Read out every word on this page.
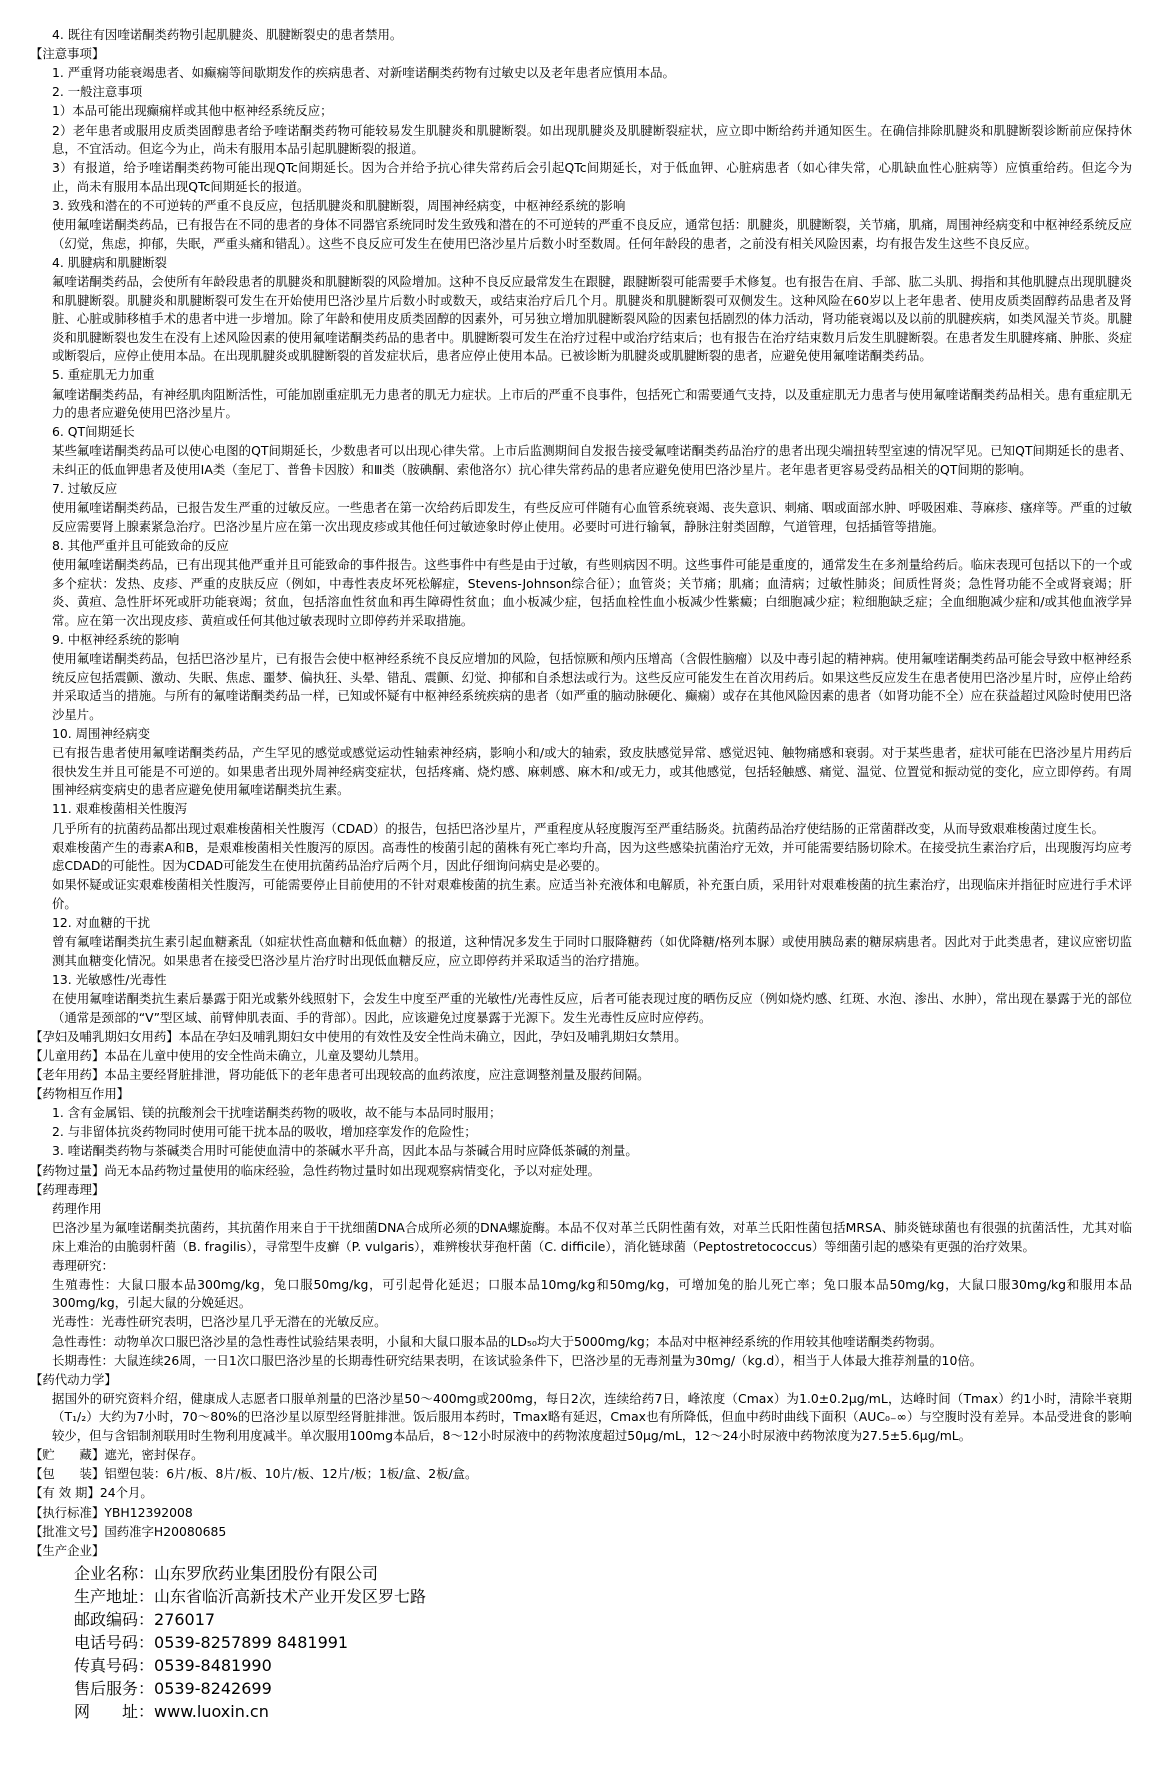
4. 既往有因喹诺酮类药物引起肌腱炎、肌腱断裂史的患者禁用。

【注意事项】

1. 严重肾功能衰竭患者、如癫痫等间歇期发作的疾病患者、对新喹诺酮类药物有过敏史以及老年患者应慎用本品。

2. 一般注意事项

1）本品可能出现癫痫样或其他中枢神经系统反应；

2）老年患者或服用皮质类固醇患者给予喹诺酮类药物可能较易发生肌腱炎和肌腱断裂。如出现肌腱炎及肌腱断裂症状，应立即中断给药并通知医生。在确信排除肌腱炎和肌腱断裂诊断前应保持休息，不宜活动。但迄今为止，尚未有服用本品引起肌腱断裂的报道。

3）有报道，给予喹诺酮类药物可能出现QTc间期延长。因为合并给予抗心律失常药后会引起QTc间期延长，对于低血钾、心脏病患者（如心律失常，心肌缺血性心脏病等）应慎重给药。但迄今为止，尚未有服用本品出现QTc间期延长的报道。

3. 致残和潜在的不可逆转的严重不良反应，包括肌腱炎和肌腱断裂，周围神经病变，中枢神经系统的影响

使用氟喹诺酮类药品，已有报告在不同的患者的身体不同器官系统同时发生致残和潜在的不可逆转的严重不良反应，通常包括：肌腱炎，肌腱断裂，关节痛，肌痛，周围神经病变和中枢神经系统反应（幻觉，焦虑，抑郁，失眠，严重头痛和错乱）。这些不良反应可发生在使用巴洛沙星片后数小时至数周。任何年龄段的患者，之前没有相关风险因素，均有报告发生这些不良反应。

4. 肌腱病和肌腱断裂

氟喹诺酮类药品，会使所有年龄段患者的肌腱炎和肌腱断裂的风险增加。这种不良反应最常发生在跟腱，跟腱断裂可能需要手术修复。也有报告在肩、手部、肱二头肌、拇指和其他肌腱点出现肌腱炎和肌腱断裂。肌腱炎和肌腱断裂可发生在开始使用巴洛沙星片后数小时或数天，或结束治疗后几个月。肌腱炎和肌腱断裂可双侧发生。这种风险在60岁以上老年患者、使用皮质类固醇药品患者及肾脏、心脏或肺移植手术的患者中进一步增加。除了年龄和使用皮质类固醇的因素外，可另独立增加肌腱断裂风险的因素包括剧烈的体力活动，肾功能衰竭以及以前的肌腱疾病，如类风湿关节炎。肌腱炎和肌腱断裂也发生在没有上述风险因素的使用氟喹诺酮类药品的患者中。肌腱断裂可发生在治疗过程中或治疗结束后；也有报告在治疗结束数月后发生肌腱断裂。在患者发生肌腱疼痛、肿胀、炎症或断裂后，应停止使用本品。在出现肌腱炎或肌腱断裂的首发症状后，患者应停止使用本品。已被诊断为肌腱炎或肌腱断裂的患者，应避免使用氟喹诺酮类药品。

5. 重症肌无力加重

氟喹诺酮类药品，有神经肌肉阻断活性，可能加剧重症肌无力患者的肌无力症状。上市后的严重不良事件，包括死亡和需要通气支持，以及重症肌无力患者与使用氟喹诺酮类药品相关。患有重症肌无力的患者应避免使用巴洛沙星片。

6. QT间期延长

某些氟喹诺酮类药品可以使心电图的QT间期延长，少数患者可以出现心律失常。上市后监测期间自发报告接受氟喹诺酮类药品治疗的患者出现尖端扭转型室速的情况罕见。已知QT间期延长的患者、未纠正的低血钾患者及使用IA类（奎尼丁、普鲁卡因胺）和Ⅲ类（胺碘酮、索他洛尔）抗心律失常药品的患者应避免使用巴洛沙星片。老年患者更容易受药品相关的QT间期的影响。

7. 过敏反应

使用氟喹诺酮类药品，已报告发生严重的过敏反应。一些患者在第一次给药后即发生，有些反应可伴随有心血管系统衰竭、丧失意识、刺痛、咽或面部水肿、呼吸困难、荨麻疹、瘙痒等。严重的过敏反应需要肾上腺素紧急治疗。巴洛沙星片应在第一次出现皮疹或其他任何过敏迹象时停止使用。必要时可进行输氧，静脉注射类固醇，气道管理，包括插管等措施。

8. 其他严重并且可能致命的反应

使用氟喹诺酮类药品，已有出现其他严重并且可能致命的事件报告。这些事件中有些是由于过敏，有些则病因不明。这些事件可能是重度的，通常发生在多剂量给药后。临床表现可包括以下的一个或多个症状：发热、皮疹、严重的皮肤反应（例如，中毒性表皮坏死松解症，Stevens-Johnson综合征）；血管炎；关节痛；肌痛；血清病；过敏性肺炎；间质性肾炎；急性肾功能不全或肾衰竭；肝炎、黄疸、急性肝坏死或肝功能衰竭；贫血，包括溶血性贫血和再生障碍性贫血；血小板减少症，包括血栓性血小板减少性紫癜；白细胞减少症；粒细胞缺乏症；全血细胞减少症和/或其他血液学异常。应在第一次出现皮疹、黄疸或任何其他过敏表现时立即停药并采取措施。

9. 中枢神经系统的影响

使用氟喹诺酮类药品，包括巴洛沙星片，已有报告会使中枢神经系统不良反应增加的风险，包括惊厥和颅内压增高（含假性脑瘤）以及中毒引起的精神病。使用氟喹诺酮类药品可能会导致中枢神经系统反应包括震颤、激动、失眠、焦虑、噩梦、偏执狂、头晕、错乱、震颤、幻觉、抑郁和自杀想法或行为。这些反应可能发生在首次用药后。如果这些反应发生在患者使用巴洛沙星片时，应停止给药并采取适当的措施。与所有的氟喹诺酮类药品一样，已知或怀疑有中枢神经系统疾病的患者（如严重的脑动脉硬化、癫痫）或存在其他风险因素的患者（如肾功能不全）应在获益超过风险时使用巴洛沙星片。

10. 周围神经病变

已有报告患者使用氟喹诺酮类药品，产生罕见的感觉或感觉运动性轴索神经病，影响小和/或大的轴索，致皮肤感觉异常、感觉迟钝、触物痛感和衰弱。对于某些患者，症状可能在巴洛沙星片用药后很快发生并且可能是不可逆的。如果患者出现外周神经病变症状，包括疼痛、烧灼感、麻刺感、麻木和/或无力，或其他感觉，包括轻触感、痛觉、温觉、位置觉和振动觉的变化，应立即停药。有周围神经病变病史的患者应避免使用氟喹诺酮类抗生素。

11. 艰难梭菌相关性腹泻

几乎所有的抗菌药品都出现过艰难梭菌相关性腹泻（CDAD）的报告，包括巴洛沙星片，严重程度从轻度腹泻至严重结肠炎。抗菌药品治疗使结肠的正常菌群改变，从而导致艰难梭菌过度生长。

艰难梭菌产生的毒素A和B，是艰难梭菌相关性腹泻的原因。高毒性的梭菌引起的菌株有死亡率均升高，因为这些感染抗菌治疗无效，并可能需要结肠切除术。在接受抗生素治疗后，出现腹泻均应考虑CDAD的可能性。因为CDAD可能发生在使用抗菌药品治疗后两个月，因此仔细询问病史是必要的。

如果怀疑或证实艰难梭菌相关性腹泻，可能需要停止目前使用的不针对艰难梭菌的抗生素。应适当补充液体和电解质，补充蛋白质，采用针对艰难梭菌的抗生素治疗，出现临床并指征时应进行手术评价。

12. 对血糖的干扰

曾有氟喹诺酮类抗生素引起血糖紊乱（如症状性高血糖和低血糖）的报道，这种情况多发生于同时口服降糖药（如优降糖/格列本脲）或使用胰岛素的糖尿病患者。因此对于此类患者，建议应密切监测其血糖变化情况。如果患者在接受巴洛沙星片治疗时出现低血糖反应，应立即停药并采取适当的治疗措施。

13. 光敏感性/光毒性

在使用氟喹诺酮类抗生素后暴露于阳光或紫外线照射下，会发生中度至严重的光敏性/光毒性反应，后者可能表现过度的晒伤反应（例如烧灼感、红斑、水泡、渗出、水肿），常出现在暴露于光的部位（通常是颈部的“V”型区域、前臂伸肌表面、手的背部）。因此，应该避免过度暴露于光源下。发生光毒性反应时应停药。

【孕妇及哺乳期妇女用药】本品在孕妇及哺乳期妇女中使用的有效性及安全性尚未确立，因此，孕妇及哺乳期妇女禁用。

【儿童用药】本品在儿童中使用的安全性尚未确立，儿童及婴幼儿禁用。

【老年用药】本品主要经肾脏排泄，肾功能低下的老年患者可出现较高的血药浓度，应注意调整剂量及服药间隔。

【药物相互作用】

1. 含有金属铝、镁的抗酸剂会干扰喹诺酮类药物的吸收，故不能与本品同时服用；

2. 与非留体抗炎药物同时使用可能干扰本品的吸收，增加痉挛发作的危险性；

3. 喹诺酮类药物与茶碱类合用时可能使血清中的茶碱水平升高，因此本品与茶碱合用时应降低茶碱的剂量。

【药物过量】尚无本品药物过量使用的临床经验，急性药物过量时如出现观察病情变化，予以对症处理。

【药理毒理】

药理作用

巴洛沙星为氟喹诺酮类抗菌药，其抗菌作用来自于干扰细菌DNA合成所必须的DNA螺旋酶。本品不仅对革兰氏阴性菌有效，对革兰氏阳性菌包括MRSA、肺炎链球菌也有很强的抗菌活性，尤其对临床上难治的由脆弱杆菌（B. fragilis），寻常型牛皮癣（P. vulgaris），难辨梭状芽孢杆菌（C. difficile），消化链球菌（Peptostretococcus）等细菌引起的感染有更强的治疗效果。

毒理研究：

生殖毒性：大鼠口服本品300mg/kg，兔口服50mg/kg，可引起骨化延迟；口服本品10mg/kg和50mg/kg，可增加兔的胎儿死亡率；兔口服本品50mg/kg，大鼠口服30mg/kg和服用本品300mg/kg，引起大鼠的分娩延迟。

光毒性：光毒性研究表明，巴洛沙星几乎无潜在的光敏反应。

急性毒性：动物单次口服巴洛沙星的急性毒性试验结果表明，小鼠和大鼠口服本品的LD₅₀均大于5000mg/kg；本品对中枢神经系统的作用较其他喹诺酮类药物弱。

长期毒性：大鼠连续26周，一日1次口服巴洛沙星的长期毒性研究结果表明，在该试验条件下，巴洛沙星的无毒剂量为30mg/（kg.d），相当于人体最大推荐剂量的10倍。

【药代动力学】

据国外的研究资料介绍，健康成人志愿者口服单剂量的巴洛沙星50～400mg或200mg，每日2次，连续给药7日，峰浓度（Cmax）为1.0±0.2μg/mL，达峰时间（Tmax）约1小时，清除半衰期（T₁/₂）大约为7小时，70～80%的巴洛沙星以原型经肾脏排泄。饭后服用本药时，Tmax略有延迟，Cmax也有所降低，但血中药时曲线下面积（AUC₀₋∞）与空腹时没有差异。本品受进食的影响较少，但与含铝制剂联用时生物利用度减半。单次服用100mg本品后，8～12小时尿液中的药物浓度超过50μg/mL，12～24小时尿液中药物浓度为27.5±5.6μg/mL。

【贮　　藏】遮光，密封保存。

【包　　装】铝塑包装：6片/板、8片/板、10片/板、12片/板；1板/盒、2板/盒。

【有 效 期】24个月。

【执行标准】YBH12392008

【批准文号】国药准字H20080685

【生产企业】

企业名称：山东罗欣药业集团股份有限公司
生产地址：山东省临沂高新技术产业开发区罗七路
邮政编码：276017
电话号码：0539-8257899 8481991
传真号码：0539-8481990
售后服务：0539-8242699
网　　址：www.luoxin.cn
